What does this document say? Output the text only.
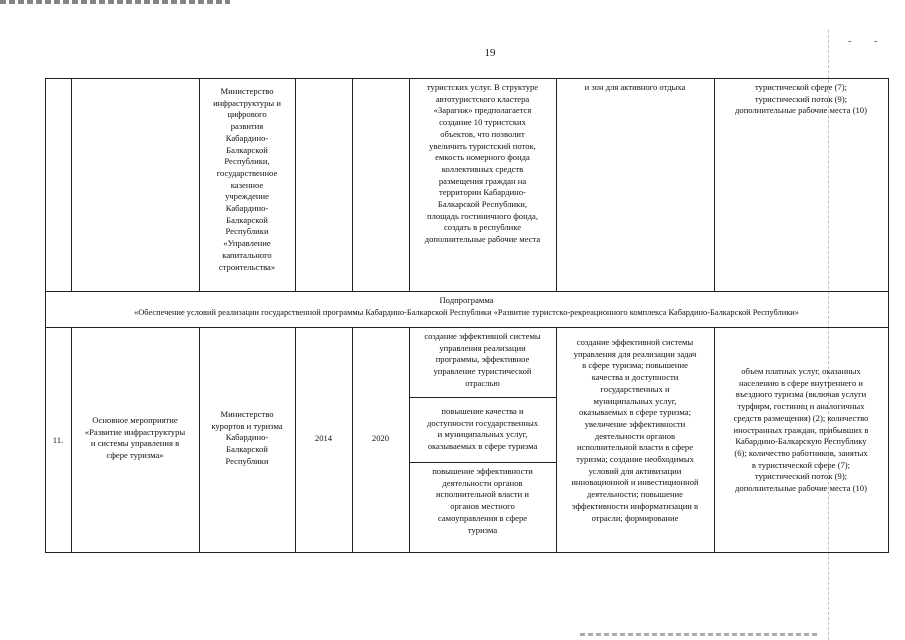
- -
19
Министерство
инфраструктуры и
цифрового
развития
Кабардино-
Балкарской
Республики,
государственное
казенное
учреждение
Кабардино-
Балкарской
Республики
«Управление
капитального
строительства»
туристских услуг. В структуре
автотуристского кластера
«Зарагиж» предполагается
создание 10 туристских
объектов, что позволит
увеличить туристский поток,
емкость номерного фонда
коллективных средств
размещения граждан на
территории Кабардино-
Балкарской Республики,
площадь гостиничного фонда,
создать в республике
дополнительные рабочие места
и зон для активного отдыха	туристической сфере (7);
туристический поток (9);
дополнительные рабочие места (10)
Подпрограмма
«Обеспечение условий реализации государственной программы Кабардино-Балкарской Республики «Развитие туристско-рекреационного комплекса Кабардино-Балкарской Республики»
11.
Основное мероприятие
«Развитие инфраструктуры
и системы управления в
сфере туризма»
Министерство
курортов и туризма
Кабардино-
Балкарской
Республики
2014	2020
создание эффективной системы
управления реализации
программы, эффективное
управление туристической
отраслью
повышение качества и
доступности государственных
и муниципальных услуг,
оказываемых в сфере туризма
повышение эффективности
деятельности органов
исполнительной власти и
органов местного
самоуправления в сфере
туризма
создание эффективной системы
управления для реализации задач
в сфере туризма; повышение
качества и доступности
государственных и
муниципальных услуг,
оказываемых в сфере туризма;
увеличение эффективности
деятельности органов
исполнительной власти в сфере
туризма; создание необходимых
условий для активизации
инновационной и инвестиционной
деятельности; повышение
эффективности информатизации в
отрасли; формирование
объем платных услуг, оказанных
населению в сфере внутреннего и
въездного туризма (включая услуги
турфирм, гостиниц и аналогичных
средств размещения) (2); количество
иностранных граждан, прибывших в
Кабардино-Балкарскую Республику
(6); количество работников, занятых
в туристической сфере (7);
туристический поток (9);
дополнительные рабочие места (10)
